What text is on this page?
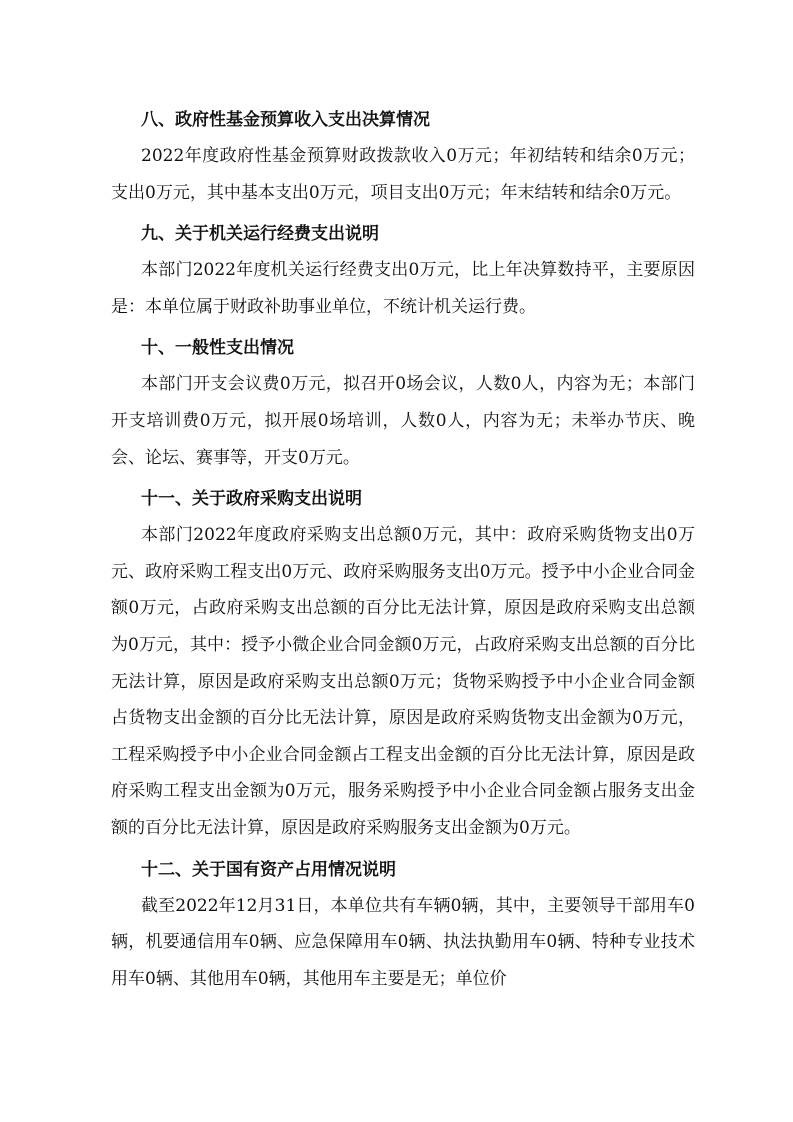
八、政府性基金预算收入支出决算情况

2022年度政府性基金预算财政拨款收入0万元；年初结转和结余0万元；支出0万元，其中基本支出0万元，项目支出0万元；年末结转和结余0万元。

九、关于机关运行经费支出说明

本部门2022年度机关运行经费支出0万元，比上年决算数持平，主要原因是：本单位属于财政补助事业单位，不统计机关运行费。

十、一般性支出情况

本部门开支会议费0万元，拟召开0场会议，人数0人，内容为无；本部门开支培训费0万元，拟开展0场培训，人数0人，内容为无；未举办节庆、晚会、论坛、赛事等，开支0万元。

十一、关于政府采购支出说明

本部门2022年度政府采购支出总额0万元，其中：政府采购货物支出0万元、政府采购工程支出0万元、政府采购服务支出0万元。授予中小企业合同金额0万元，占政府采购支出总额的百分比无法计算，原因是政府采购支出总额为0万元，其中：授予小微企业合同金额0万元，占政府采购支出总额的百分比无法计算，原因是政府采购支出总额0万元；货物采购授予中小企业合同金额占货物支出金额的百分比无法计算，原因是政府采购货物支出金额为0万元，工程采购授予中小企业合同金额占工程支出金额的百分比无法计算，原因是政府采购工程支出金额为0万元，服务采购授予中小企业合同金额占服务支出金额的百分比无法计算，原因是政府采购服务支出金额为0万元。

十二、关于国有资产占用情况说明

截至2022年12月31日，本单位共有车辆0辆，其中，主要领导干部用车0辆，机要通信用车0辆、应急保障用车0辆、执法执勤用车0辆、特种专业技术用车0辆、其他用车0辆，其他用车主要是无；单位价
